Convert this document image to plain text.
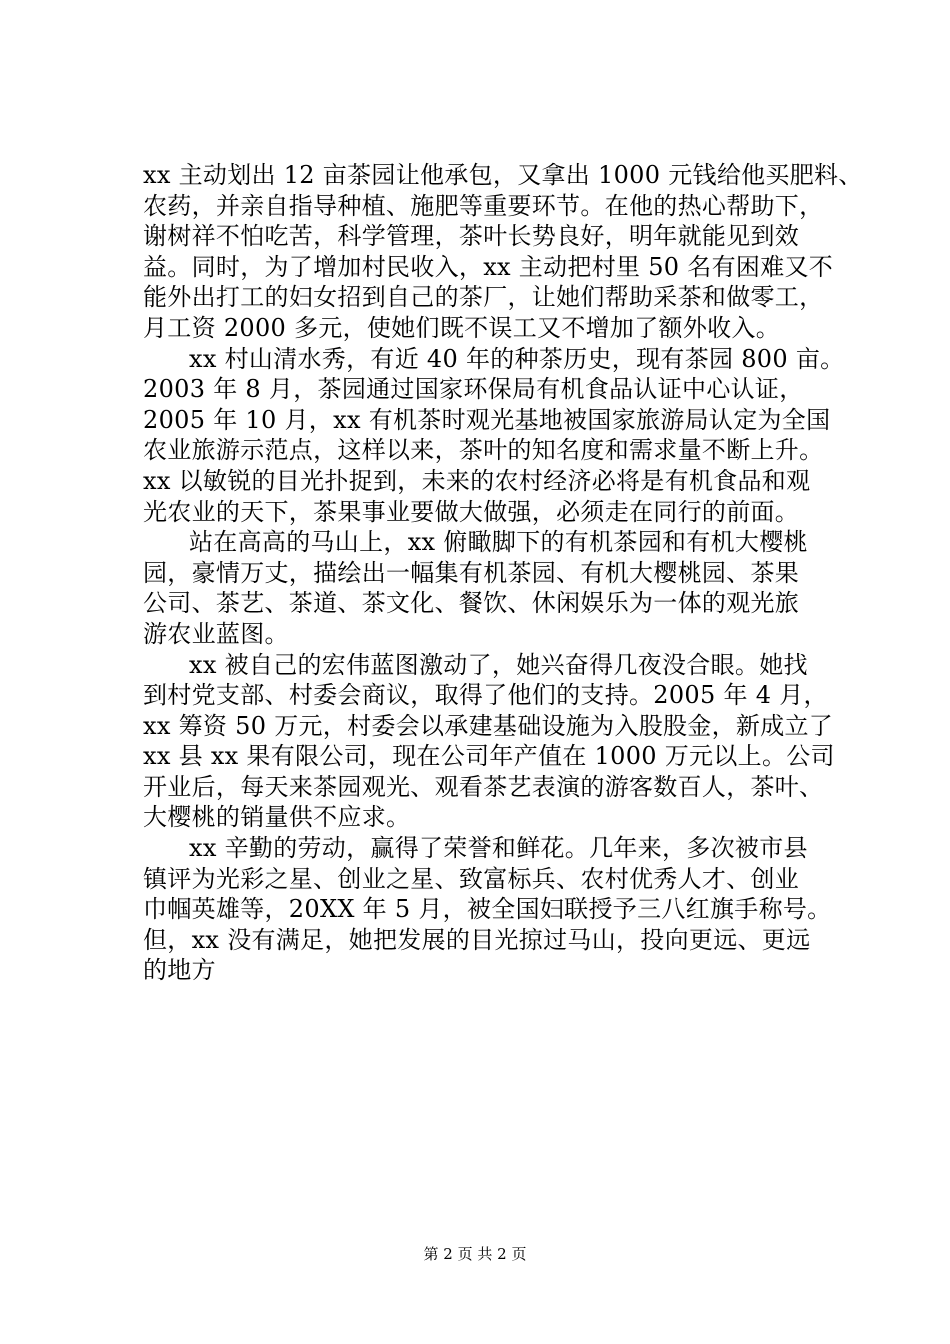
xx 主动划出 12 亩茶园让他承包，又拿出 1000 元钱给他买肥料、
农药，并亲自指导种植、施肥等重要环节。在他的热心帮助下，
谢树祥不怕吃苦，科学管理，茶叶长势良好，明年就能见到效
益。同时，为了增加村民收入，xx 主动把村里 50 名有困难又不
能外出打工的妇女招到自己的茶厂，让她们帮助采茶和做零工，
月工资 2000 多元，使她们既不误工又不增加了额外收入。
xx 村山清水秀，有近 40 年的种茶历史，现有茶园 800 亩。
2003 年 8 月，茶园通过国家环保局有机食品认证中心认证，
2005 年 10 月，xx 有机茶时观光基地被国家旅游局认定为全国
农业旅游示范点，这样以来，茶叶的知名度和需求量不断上升。
xx 以敏锐的目光扑捉到，未来的农村经济必将是有机食品和观
光农业的天下，茶果事业要做大做强，必须走在同行的前面。
站在高高的马山上，xx 俯瞰脚下的有机茶园和有机大樱桃
园，豪情万丈，描绘出一幅集有机茶园、有机大樱桃园、茶果
公司、茶艺、茶道、茶文化、餐饮、休闲娱乐为一体的观光旅
游农业蓝图。
xx 被自己的宏伟蓝图激动了，她兴奋得几夜没合眼。她找
到村党支部、村委会商议，取得了他们的支持。2005 年 4 月，
xx 筹资 50 万元，村委会以承建基础设施为入股股金，新成立了
xx 县 xx 果有限公司，现在公司年产值在 1000 万元以上。公司
开业后，每天来茶园观光、观看茶艺表演的游客数百人，茶叶、
大樱桃的销量供不应求。
xx 辛勤的劳动，赢得了荣誉和鲜花。几年来，多次被市县
镇评为光彩之星、创业之星、致富标兵、农村优秀人才、创业
巾帼英雄等，20XX 年 5 月，被全国妇联授予三八红旗手称号。
但，xx 没有满足，她把发展的目光掠过马山，投向更远、更远
的地方
第 2 页 共 2 页
